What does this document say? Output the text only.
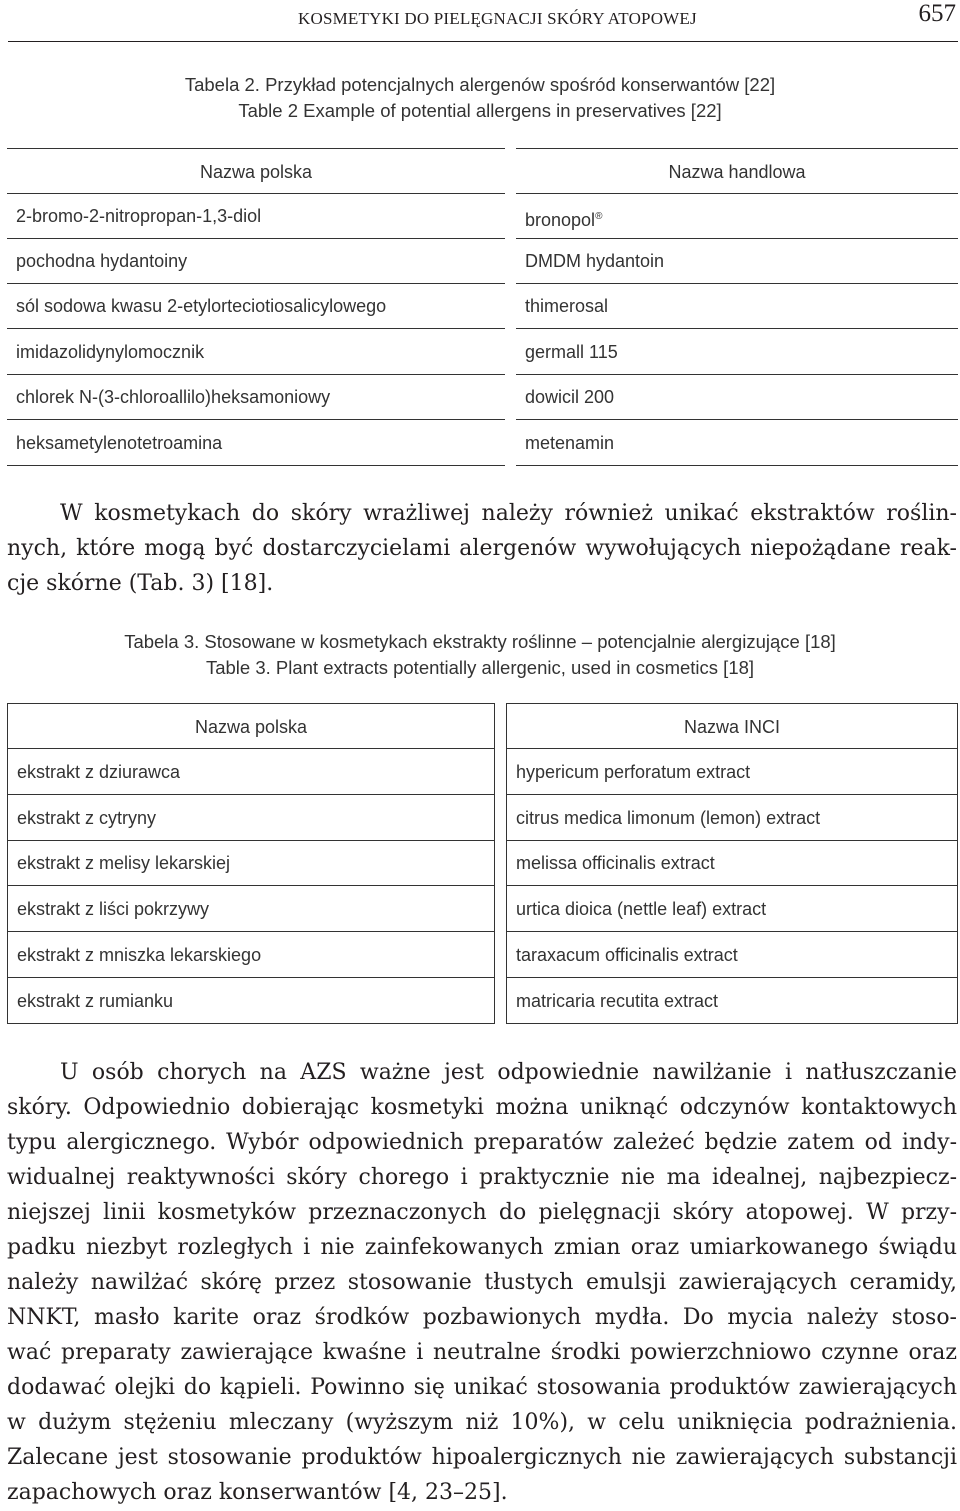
KOSMETYKI DO PIELĘGNACJI SKÓRY ATOPOWEJ	657
Tabela 2. Przykład potencjalnych alergenów spośród konserwantów [22]
Table 2 Example of potential allergens in preservatives [22]
Nazwa polska	Nazwa handlowa
2-bromo-2-nitropropan-1,3-diol	bronopol®
pochodna hydantoiny	DMDM hydantoin
sól sodowa kwasu 2-etylorteciotiosalicylowego	thimerosal
imidazolidynylomocznik	germall 115
chlorek N-(3-chloroallilo)heksamoniowy	dowicil 200
heksametylenotetroamina	metenamin
W kosmetykach do skóry wrażliwej należy również unikać ekstraktów roślin-
nych, które mogą być dostarczycielami alergenów wywołujących niepożądane reak-
cje skórne (Tab. 3) [18].
Tabela 3. Stosowane w kosmetykach ekstrakty roślinne – potencjalnie alergizujące [18]
Table 3. Plant extracts potentially allergenic, used in cosmetics [18]
Nazwa polska	Nazwa INCI
ekstrakt z dziurawca	hypericum perforatum extract
ekstrakt z cytryny	citrus medica limonum (lemon) extract
ekstrakt z melisy lekarskiej	melissa officinalis extract
ekstrakt z liści pokrzywy	urtica dioica (nettle leaf) extract
ekstrakt z mniszka lekarskiego	taraxacum officinalis extract
ekstrakt z rumianku	matricaria recutita extract
U osób chorych na AZS ważne jest odpowiednie nawilżanie i natłuszczanie
skóry. Odpowiednio dobierając kosmetyki można uniknąć odczynów kontaktowych
typu alergicznego. Wybór odpowiednich preparatów zależeć będzie zatem od indy-
widualnej reaktywności skóry chorego i praktycznie nie ma idealnej, najbezpiecz-
niejszej linii kosmetyków przeznaczonych do pielęgnacji skóry atopowej. W przy-
padku niezbyt rozległych i nie zainfekowanych zmian oraz umiarkowanego świądu
należy nawilżać skórę przez stosowanie tłustych emulsji zawierających ceramidy,
NNKT, masło karite oraz środków pozbawionych mydła. Do mycia należy stoso-
wać preparaty zawierające kwaśne i neutralne środki powierzchniowo czynne oraz
dodawać olejki do kąpieli. Powinno się unikać stosowania produktów zawierających
w dużym stężeniu mleczany (wyższym niż 10%), w celu uniknięcia podrażnienia.
Zalecane jest stosowanie produktów hipoalergicznych nie zawierających substancji
zapachowych oraz konserwantów [4, 23–25].
